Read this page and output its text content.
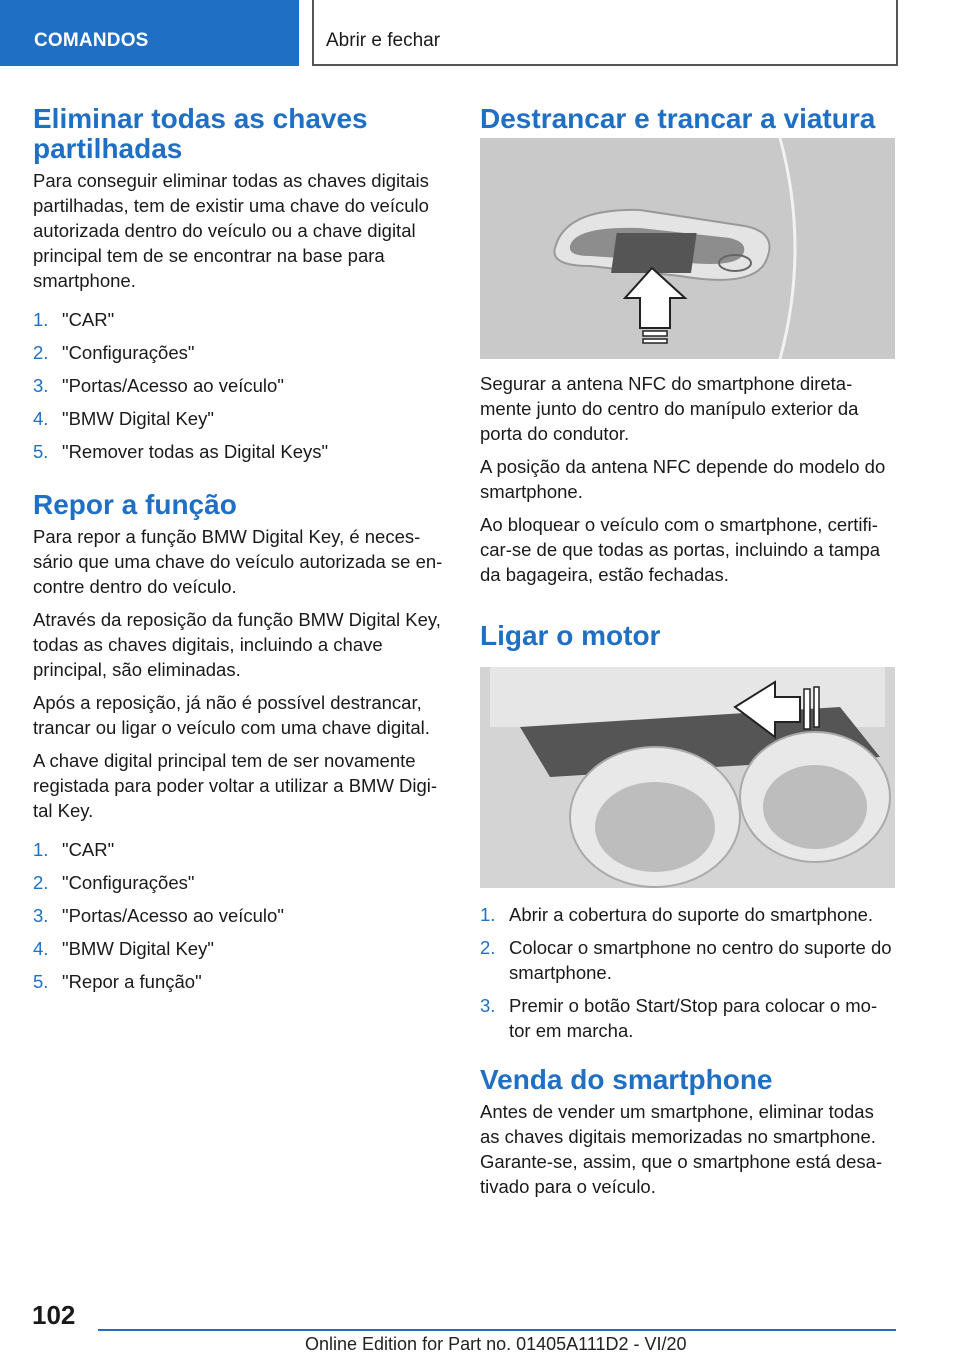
COMANDOS	Abrir e fechar
Eliminar todas as chaves partilhadas

Para conseguir eliminar todas as chaves digitais partilhadas, tem de existir uma chave do veículo autorizada dentro do veículo ou a chave digital principal tem de se encontrar na base para smartphone.

1. "CAR"
2. "Configurações"
3. "Portas/Acesso ao veículo"
4. "BMW Digital Key"
5. "Remover todas as Digital Keys"
Repor a função

Para repor a função BMW Digital Key, é neces-sário que uma chave do veículo autorizada se en-contre dentro do veículo.

Através da reposição da função BMW Digital Key, todas as chaves digitais, incluindo a chave principal, são eliminadas.

Após a reposição, já não é possível destrancar, trancar ou ligar o veículo com uma chave digital.

A chave digital principal tem de ser novamente registada para poder voltar a utilizar a BMW Digi-tal Key.

1. "CAR"
2. "Configurações"
3. "Portas/Acesso ao veículo"
4. "BMW Digital Key"
5. "Repor a função"
Destrancar e trancar a viatura

Segurar a antena NFC do smartphone direta-mente junto do centro do manípulo exterior da porta do condutor.

A posição da antena NFC depende do modelo do smartphone.

Ao bloquear o veículo com o smartphone, certifi-car-se de que todas as portas, incluindo a tampa da bagageira, estão fechadas.

Ligar o motor
1. Abrir a cobertura do suporte do smartphone.
2. Colocar o smartphone no centro do suporte do smartphone.
3. Premir o botão Start/Stop para colocar o mo-tor em marcha.
Venda do smartphone

Antes de vender um smartphone, eliminar todas as chaves digitais memorizadas no smartphone. Garante-se, assim, que o smartphone está desa-tivado para o veículo.

102
Online Edition for Part no. 01405A111D2 - VI/20
